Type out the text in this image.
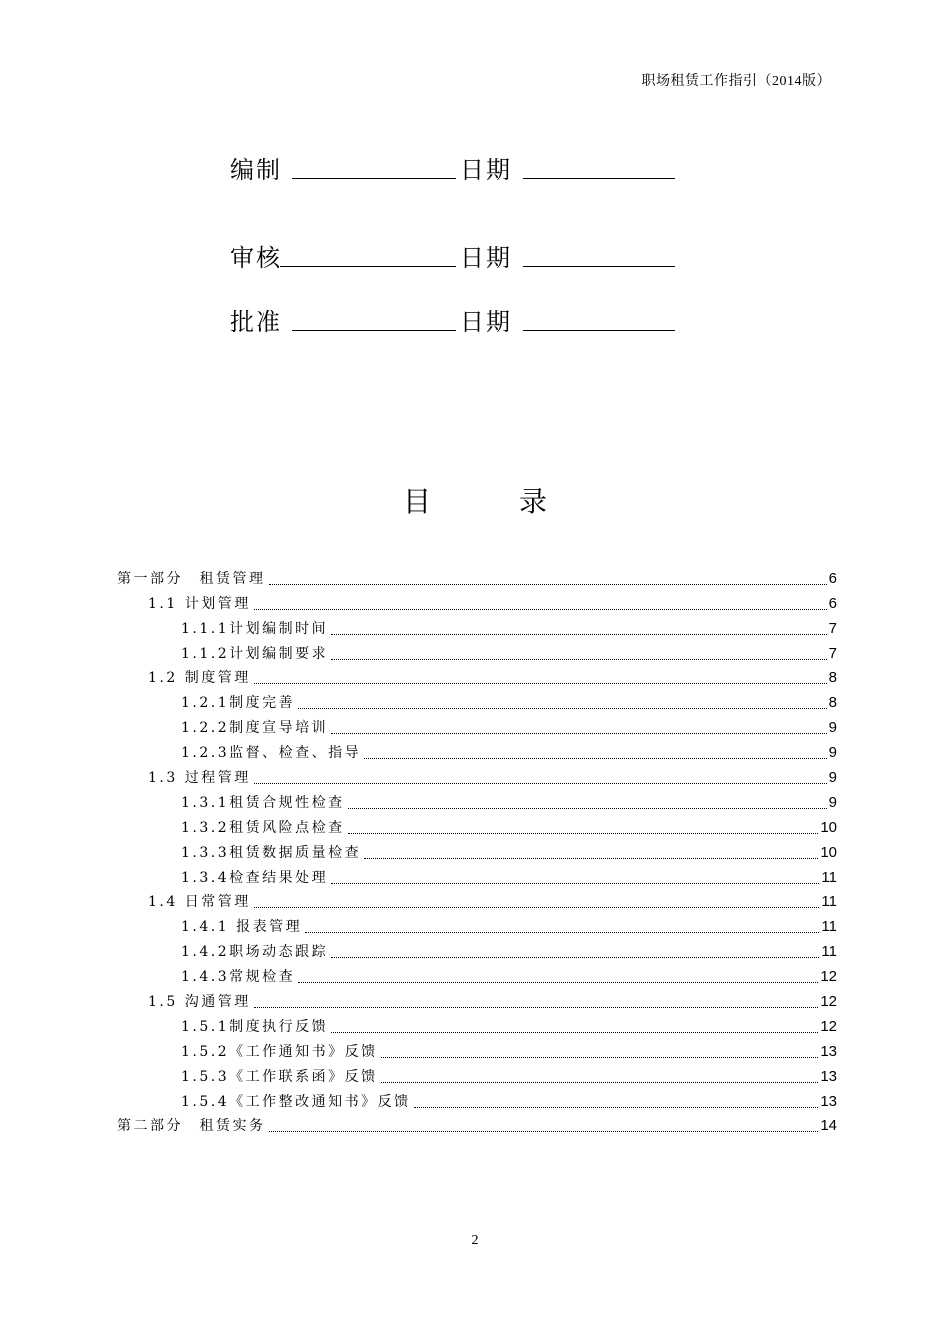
职场租赁工作指引（2014版）
编制	日期
审核	日期
批准	日期
目	录
第一部分　租赁管理	6
1.1 计划管理	6
1.1.1计划编制时间	7
1.1.2计划编制要求	7
1.2 制度管理	8
1.2.1制度完善	8
1.2.2制度宣导培训	9
1.2.3监督、检查、指导	9
1.3 过程管理	9
1.3.1租赁合规性检查	9
1.3.2租赁风险点检查	10
1.3.3租赁数据质量检查	10
1.3.4检查结果处理	11
1.4 日常管理	11
1.4.1 报表管理	11
1.4.2职场动态跟踪	11
1.4.3常规检查	12
1.5 沟通管理	12
1.5.1制度执行反馈	12
1.5.2《工作通知书》反馈	13
1.5.3《工作联系函》反馈	13
1.5.4《工作整改通知书》反馈	13
第二部分　租赁实务	14
2
